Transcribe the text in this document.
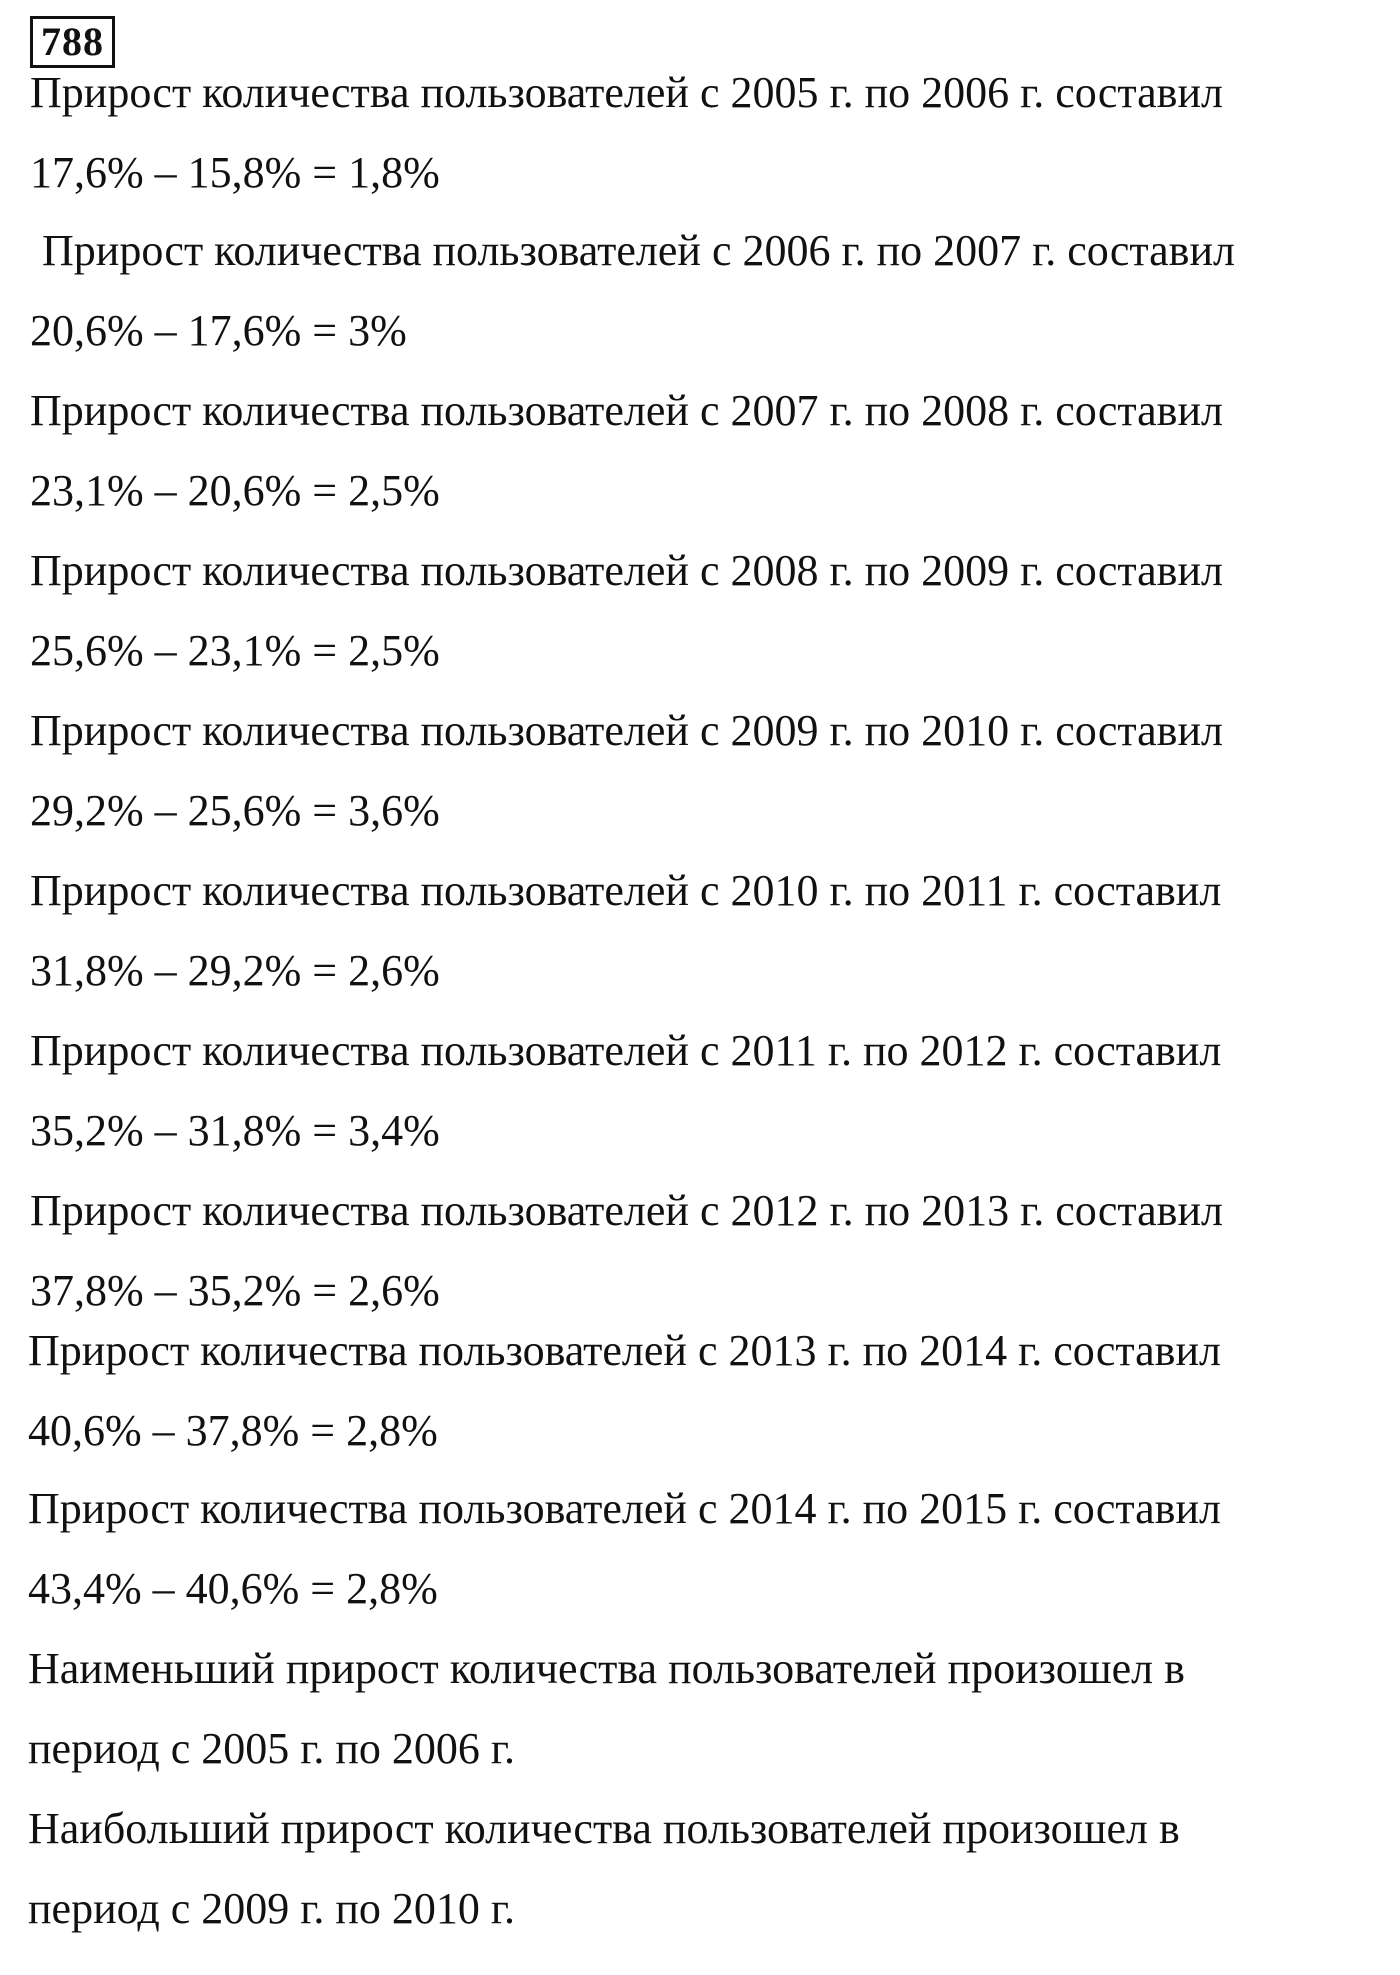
788
Прирост количества пользователей с 2005 г. по 2006 г. составил
17,6% – 15,8% = 1,8%
Прирост количества пользователей с 2006 г. по 2007 г. составил
20,6% – 17,6% = 3%
Прирост количества пользователей с 2007 г. по 2008 г. составил
23,1% – 20,6% = 2,5%
Прирост количества пользователей с 2008 г. по 2009 г. составил
25,6% – 23,1% = 2,5%
Прирост количества пользователей с 2009 г. по 2010 г. составил
29,2% – 25,6% = 3,6%
Прирост количества пользователей с 2010 г. по 2011 г. составил
31,8% – 29,2% = 2,6%
Прирост количества пользователей с 2011 г. по 2012 г. составил
35,2% – 31,8% = 3,4%
Прирост количества пользователей с 2012 г. по 2013 г. составил
37,8% – 35,2% = 2,6%
Прирост количества пользователей с 2013 г. по 2014 г. составил
40,6% – 37,8% = 2,8%
Прирост количества пользователей с 2014 г. по 2015 г. составил
43,4% – 40,6% = 2,8%
Наименьший прирост количества пользователей произошел в
период с 2005 г. по 2006 г.
Наибольший прирост количества пользователей произошел в
период с 2009 г. по 2010 г.
